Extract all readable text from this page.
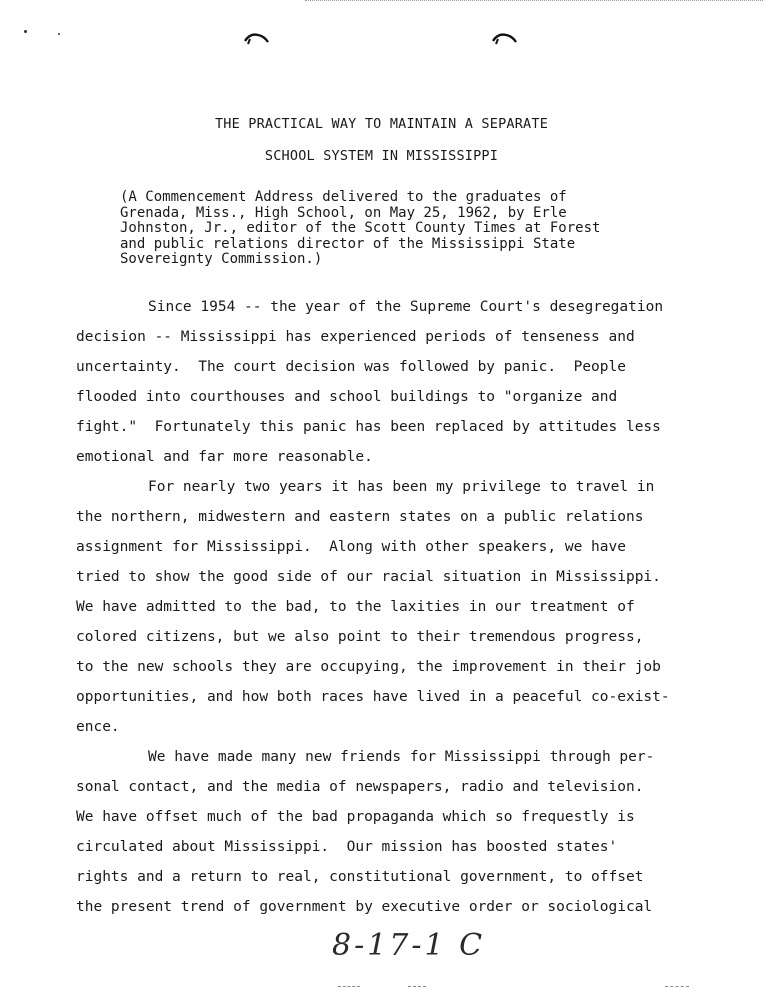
THE PRACTICAL WAY TO MAINTAIN A SEPARATE
SCHOOL SYSTEM IN MISSISSIPPI
(A Commencement Address delivered to the graduates of
Grenada, Miss., High School, on May 25, 1962, by Erle
Johnston, Jr., editor of the Scott County Times at Forest
and public relations director of the Mississippi State
Sovereignty Commission.)
Since 1954 -- the year of the Supreme Court's desegregation
decision -- Mississippi has experienced periods of tenseness and
uncertainty.  The court decision was followed by panic.  People
flooded into courthouses and school buildings to "organize and
fight."  Fortunately this panic has been replaced by attitudes less
emotional and far more reasonable.
For nearly two years it has been my privilege to travel in
the northern, midwestern and eastern states on a public relations
assignment for Mississippi.  Along with other speakers, we have
tried to show the good side of our racial situation in Mississippi.
We have admitted to the bad, to the laxities in our treatment of
colored citizens, but we also point to their tremendous progress,
to the new schools they are occupying, the improvement in their job
opportunities, and how both races have lived in a peaceful co-exist-
ence.
We have made many new friends for Mississippi through per-
sonal contact, and the media of newspapers, radio and television.
We have offset much of the bad propaganda which so frequestly is
circulated about Mississippi.  Our mission has boosted states'
rights and a return to real, constitutional government, to offset
the present trend of government by executive order or sociological
8-17-1 C
